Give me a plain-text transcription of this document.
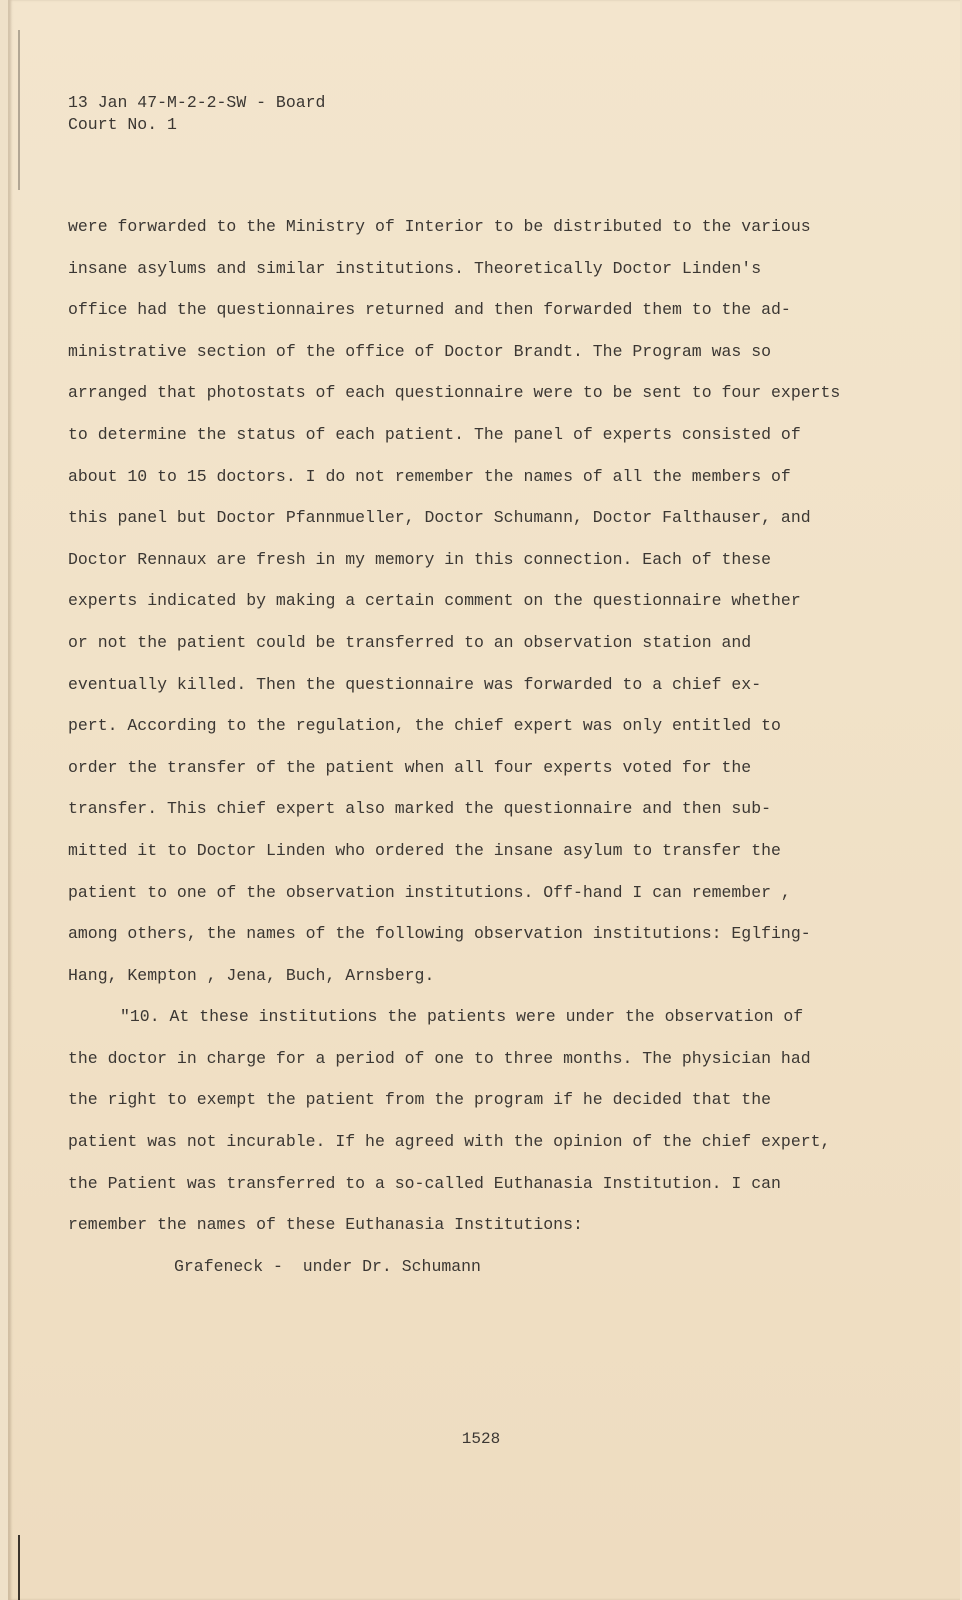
13 Jan 47-M-2-2-SW - Board
Court No. 1
were forwarded to the Ministry of Interior to be distributed to the various
insane asylums and similar institutions. Theoretically Doctor Linden's
office had the questionnaires returned and then forwarded them to the ad-
ministrative section of the office of Doctor Brandt. The Program was so
arranged that photostats of each questionnaire were to be sent to four experts
to determine the status of each patient. The panel of experts consisted of
about 10 to 15 doctors. I do not remember the names of all the members of
this panel but Doctor Pfannmueller, Doctor Schumann, Doctor Falthauser, and
Doctor Rennaux are fresh in my memory in this connection. Each of these
experts indicated by making a certain comment on the questionnaire whether
or not the patient could be transferred to an observation station and
eventually killed. Then the questionnaire was forwarded to a chief ex-
pert. According to the regulation, the chief expert was only entitled to
order the transfer of the patient when all four experts voted for the
transfer. This chief expert also marked the questionnaire and then sub-
mitted it to Doctor Linden who ordered the insane asylum to transfer the
patient to one of the observation institutions. Off-hand I can remember ,
among others, the names of the following observation institutions: Eglfing-
Hang, Kempton , Jena, Buch, Arnsberg.
"10. At these institutions the patients were under the observation of
the doctor in charge for a period of one to three months. The physician had
the right to exempt the patient from the program if he decided that the
patient was not incurable. If he agreed with the opinion of the chief expert,
the Patient was transferred to a so-called Euthanasia Institution. I can
remember the names of these Euthanasia Institutions:
Grafeneck -  under Dr. Schumann
1528
